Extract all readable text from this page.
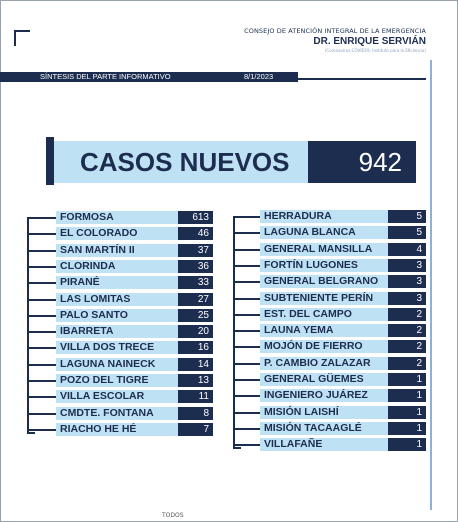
CONSEJO DE ATENCIÓN INTEGRAL DE LA EMERGENCIA
DR. ENRIQUE SERVIÁN
(Coronavirus-COVID19, Instituto para la Eficiencia)
SÍNTESIS DEL PARTE INFORMATIVO	8/1/2023
CASOS NUEVOS	942
FORMOSA	613
EL COLORADO	46
SAN MARTÍN II	37
CLORINDA	36
PIRANÉ	33
LAS LOMITAS	27
PALO SANTO	25
IBARRETA	20
VILLA DOS TRECE	16
LAGUNA NAINECK	14
POZO DEL TIGRE	13
VILLA ESCOLAR	11
CMDTE. FONTANA	8
RIACHO HE HÉ	7
HERRADURA	5
LAGUNA BLANCA	5
GENERAL MANSILLA	4
FORTÍN LUGONES	3
GENERAL BELGRANO	3
SUBTENIENTE PERÍN	3
EST. DEL CAMPO	2
LAUNA YEMA	2
MOJÓN DE FIERRO	2
P. CAMBIO ZALAZAR	2
GENERAL GÜEMES	1
INGENIERO JUÁREZ	1
MISIÓN LAISHÍ	1
MISIÓN TACAAGLÉ	1
VILLAFAÑE	1
TODOS
